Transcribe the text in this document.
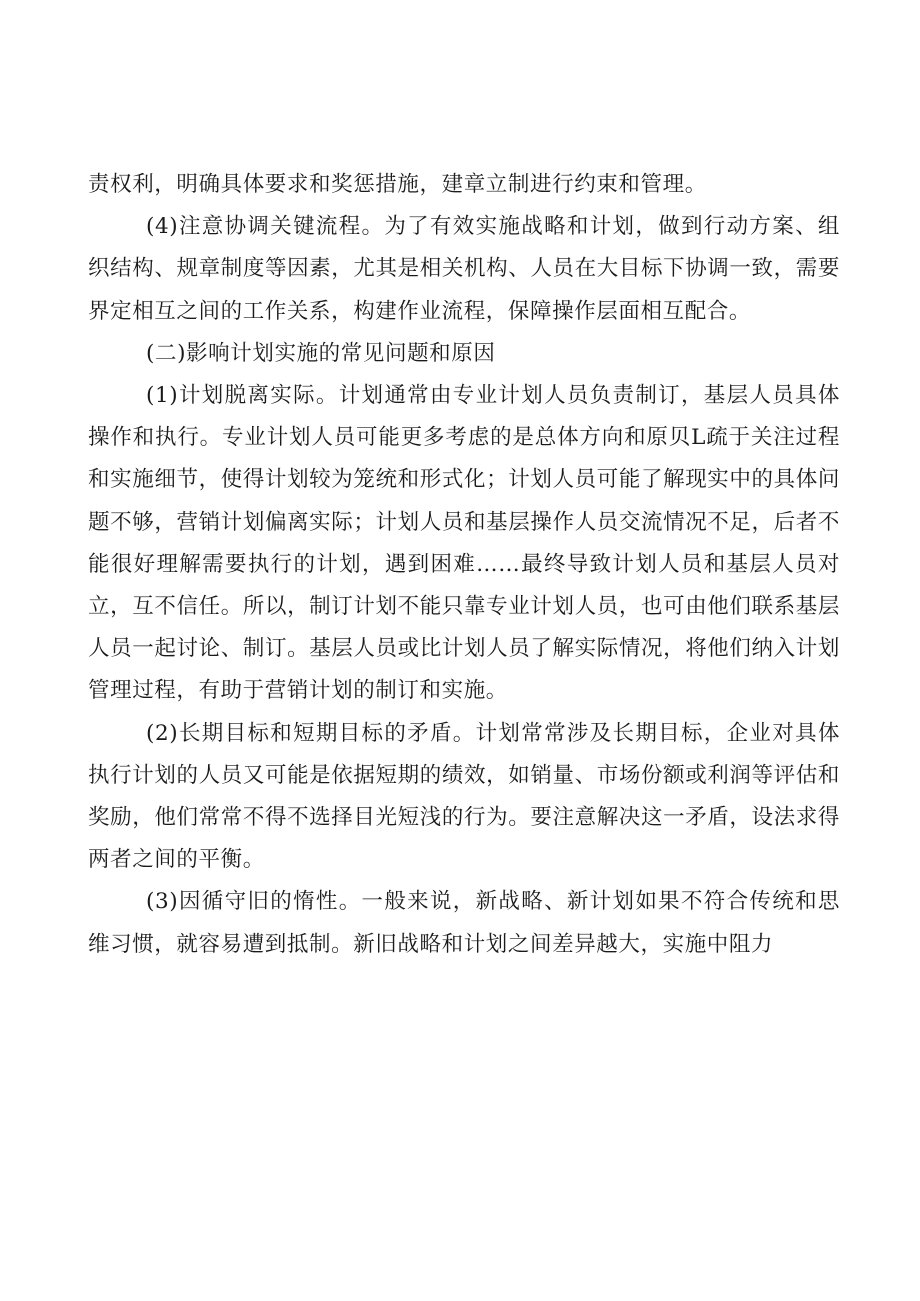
责权利，明确具体要求和奖惩措施，建章立制进行约束和管理。

(4)注意协调关键流程。为了有效实施战略和计划，做到行动方案、组织结构、规章制度等因素，尤其是相关机构、人员在大目标下协调一致，需要界定相互之间的工作关系，构建作业流程，保障操作层面相互配合。

(二)影响计划实施的常见问题和原因

(1)计划脱离实际。计划通常由专业计划人员负责制订，基层人员具体操作和执行。专业计划人员可能更多考虑的是总体方向和原贝L疏于关注过程和实施细节，使得计划较为笼统和形式化；计划人员可能了解现实中的具体问题不够，营销计划偏离实际；计划人员和基层操作人员交流情况不足，后者不能很好理解需要执行的计划，遇到困难……最终导致计划人员和基层人员对立，互不信任。所以，制订计划不能只靠专业计划人员，也可由他们联系基层人员一起讨论、制订。基层人员或比计划人员了解实际情况，将他们纳入计划管理过程，有助于营销计划的制订和实施。

(2)长期目标和短期目标的矛盾。计划常常涉及长期目标，企业对具体执行计划的人员又可能是依据短期的绩效，如销量、市场份额或利润等评估和奖励，他们常常不得不选择目光短浅的行为。要注意解决这一矛盾，设法求得两者之间的平衡。

(3)因循守旧的惰性。一般来说，新战略、新计划如果不符合传统和思维习惯，就容易遭到抵制。新旧战略和计划之间差异越大，实施中阻力
